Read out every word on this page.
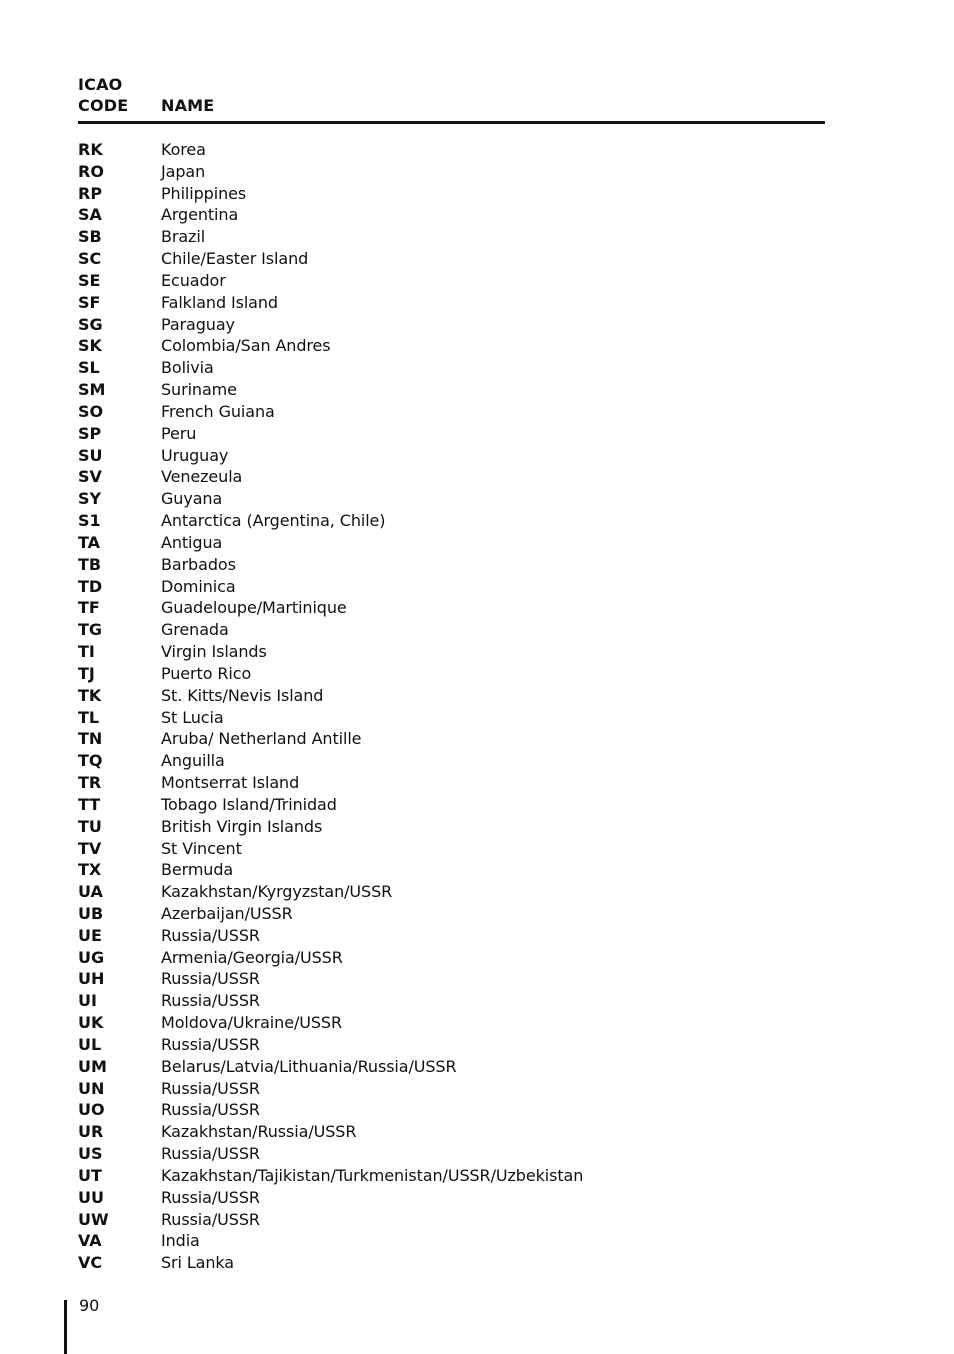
ICAO
CODE NAME
RK	Korea
RO	Japan
RP	Philippines
SA	Argentina
SB	Brazil
SC	Chile/Easter Island
SE	Ecuador
SF	Falkland Island
SG	Paraguay
SK	Colombia/San Andres
SL	Bolivia
SM	Suriname
SO	French Guiana
SP	Peru
SU	Uruguay
SV	Venezeula
SY	Guyana
S1	Antarctica (Argentina, Chile)
TA	Antigua
TB	Barbados
TD	Dominica
TF	Guadeloupe/Martinique
TG	Grenada
TI	Virgin Islands
TJ	Puerto Rico
TK	St. Kitts/Nevis Island
TL	St Lucia
TN	Aruba/ Netherland Antille
TQ	Anguilla
TR	Montserrat Island
TT	Tobago Island/Trinidad
TU	British Virgin Islands
TV	St Vincent
TX	Bermuda
UA	Kazakhstan/Kyrgyzstan/USSR
UB	Azerbaijan/USSR
UE	Russia/USSR
UG	Armenia/Georgia/USSR
UH	Russia/USSR
UI	Russia/USSR
UK	Moldova/Ukraine/USSR
UL	Russia/USSR
UM	Belarus/Latvia/Lithuania/Russia/USSR
UN	Russia/USSR
UO	Russia/USSR
UR	Kazakhstan/Russia/USSR
US	Russia/USSR
UT	Kazakhstan/Tajikistan/Turkmenistan/USSR/Uzbekistan
UU	Russia/USSR
UW	Russia/USSR
VA	India
VC	Sri Lanka
90
